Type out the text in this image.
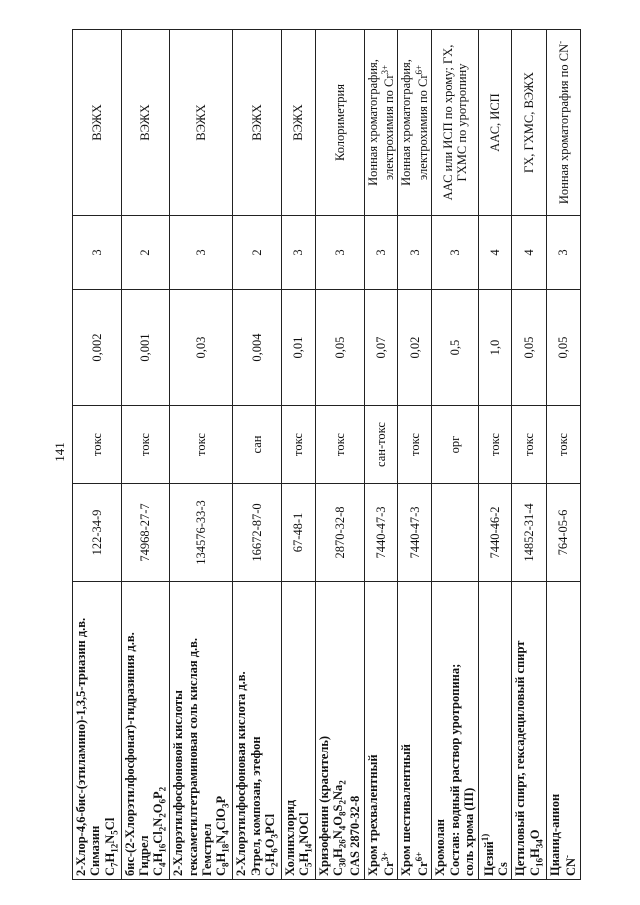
141
2-Хлор-4,6-бис-(этиламино)-1,3,5-триазин д.в. Симазин $C_7H_{12}N_5Cl$	122-34-9	токс	0,002	3	ВЭЖХ

бис-(2-Хлорэтилфосфонат)-гидразиния д.в. Гидрел $C_4H_{16}Cl_2N_2O_6P_2$	74968-27-7	токс	0,001	2	ВЭЖХ

2-Хлорэтилфосфоновой кислоты гексаметилтетраминовая соль кислая д.в. Гемстрел $C_8H_{18}N_4ClO_3P$	134576-33-3	токс	0,03	3	ВЭЖХ

2-Хлорэтилфосфоновая кислота д.в. Этрел, композан, этефон $C_2H_6O_3PCl$	16672-87-0	сан	0,004	2	ВЭЖХ

Холинхлорид $C_5H_{14}NOCl$	67-48-1	токс	0,01	3	ВЭЖХ

Хризофенин (краситель) $C_{30}H_{26}N_4O_8S_2Na_2$
CAS 2870-32-8	2870-32-8	токс	0,05	3	Колориметрия

Хром трехвалентный $Cr^{3+}$	7440-47-3	сан-токс	0,07	3	Ионная хроматография, электрохимия по $Cr^{3+}$

Хром шестивалентный $Cr^{6+}$	7440-47-3	токс	0,02	3	Ионная хроматография, электрохимия по $Cr^{6+}$

Хромолан Состав: водный раствор уротропина; соль хрома (III)		орг	0,5	3	ААС или ИСП по хрому; ГХ, ГХМС по уротропину

Цезий$^{1)}$
Cs	7440-46-2	токс	1,0	4	ААС, ИСП

Цетиловый спирт, гексадециловый спирт $C_{16}H_{34}O$	14852-31-4	токс	0,05	4	ГХ, ГХМС, ВЭЖХ

Цианид-анион CN-	764-05-6	токс	0,05	3	Ионная хроматография по CN-
